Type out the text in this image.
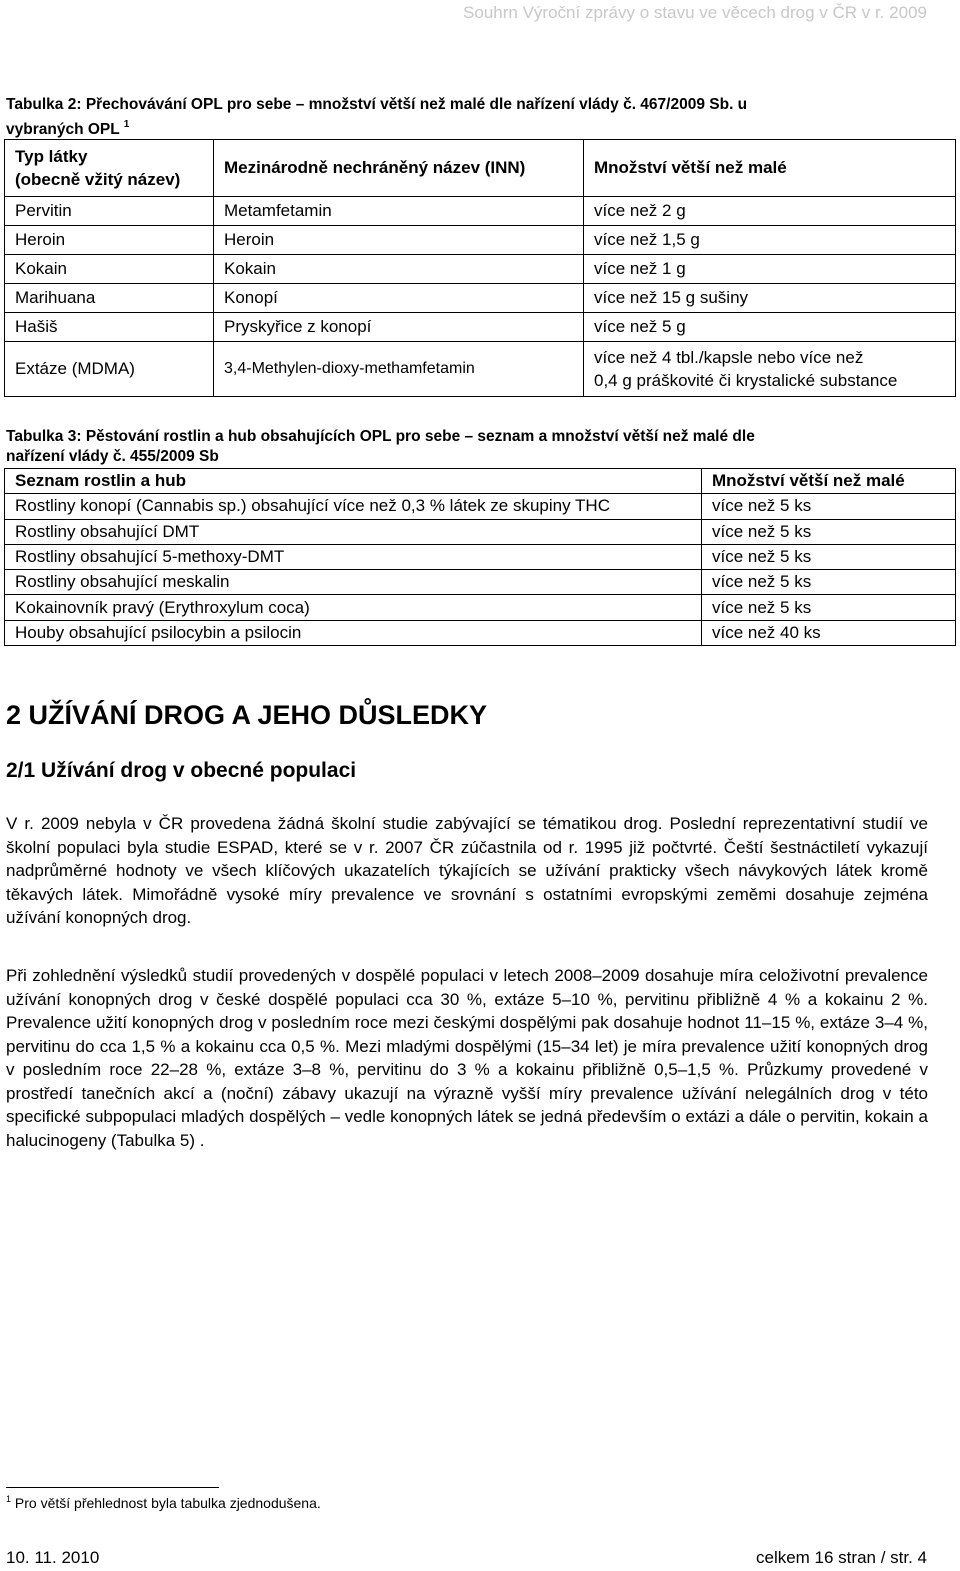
Souhrn Výroční zprávy o stavu ve věcech drog v ČR v r. 2009
Tabulka 2: Přechovávání OPL pro sebe – množství větší než malé dle nařízení vlády č. 467/2009 Sb. u
vybraných OPL $^1$
Typ látky
(obecně vžitý název)	Mezinárodně nechráněný název (INN)	Množství větší než malé

Pervitin	Metamfetamin	více než 2 g

Heroin	Heroin	více než 1,5 g

Kokain	Kokain	více než 1 g

Marihuana	Konopí	více než 15 g sušiny

Hašiš	Pryskyřice z konopí	více než 5 g

Extáze (MDMA)	3,4-Methylen-dioxy-methamfetamin	více než 4 tbl./kapsle nebo více než
0,4 g práškovité či krystalické substance
Tabulka 3: Pěstování rostlin a hub obsahujících OPL pro sebe – seznam a množství větší než malé dle
nařízení vlády č. 455/2009 Sb
Seznam rostlin a hub	Množství větší než malé

Rostliny konopí (Cannabis sp.) obsahující více než 0,3 % látek ze skupiny THC	více než 5 ks

Rostliny obsahující DMT	více než 5 ks

Rostliny obsahující 5-methoxy-DMT	více než 5 ks

Rostliny obsahující meskalin	více než 5 ks

Kokainovník pravý (Erythroxylum coca)	více než 5 ks

Houby obsahující psilocybin a psilocin	více než 40 ks
2 UŽÍVÁNÍ DROG A JEHO DŮSLEDKY
2/1 Užívání drog v obecné populaci

V r. 2009 nebyla v ČR provedena žádná školní studie zabývající se tématikou drog. Poslední reprezentativní studií ve školní populaci byla studie ESPAD, které se v r. 2007 ČR zúčastnila od r. 1995 již počtvrté. Čeští šestnáctiletí vykazují nadprůměrné hodnoty ve všech klíčových ukazatelích týkajících se užívání prakticky všech návykových látek kromě těkavých látek. Mimořádně vysoké míry prevalence ve srovnání s ostatními evropskými zeměmi dosahuje zejména užívání konopných drog.

Při zohlednění výsledků studií provedených v dospělé populaci v letech 2008–2009 dosahuje míra celoživotní prevalence užívání konopných drog v české dospělé populaci cca 30 %, extáze 5–10 %, pervitinu přibližně 4 % a kokainu 2 %. Prevalence užití konopných drog v posledním roce mezi českými dospělými pak dosahuje hodnot 11–15 %, extáze 3–4 %, pervitinu do cca 1,5 % a kokainu cca 0,5 %. Mezi mladými dospělými (15–34 let) je míra prevalence užití konopných drog v posledním roce 22–28 %, extáze 3–8 %, pervitinu do 3 % a kokainu přibližně 0,5–1,5 %. Průzkumy provedené v prostředí tanečních akcí a (noční) zábavy ukazují na výrazně vyšší míry prevalence užívání nelegálních drog v této specifické subpopulaci mladých dospělých – vedle konopných látek se jedná především o extázi a dále o pervitin, kokain a halucinogeny (Tabulka 5) .

$^1$ Pro větší přehlednost byla tabulka zjednodušena.
10. 11. 2010	celkem 16 stran / str. 4
